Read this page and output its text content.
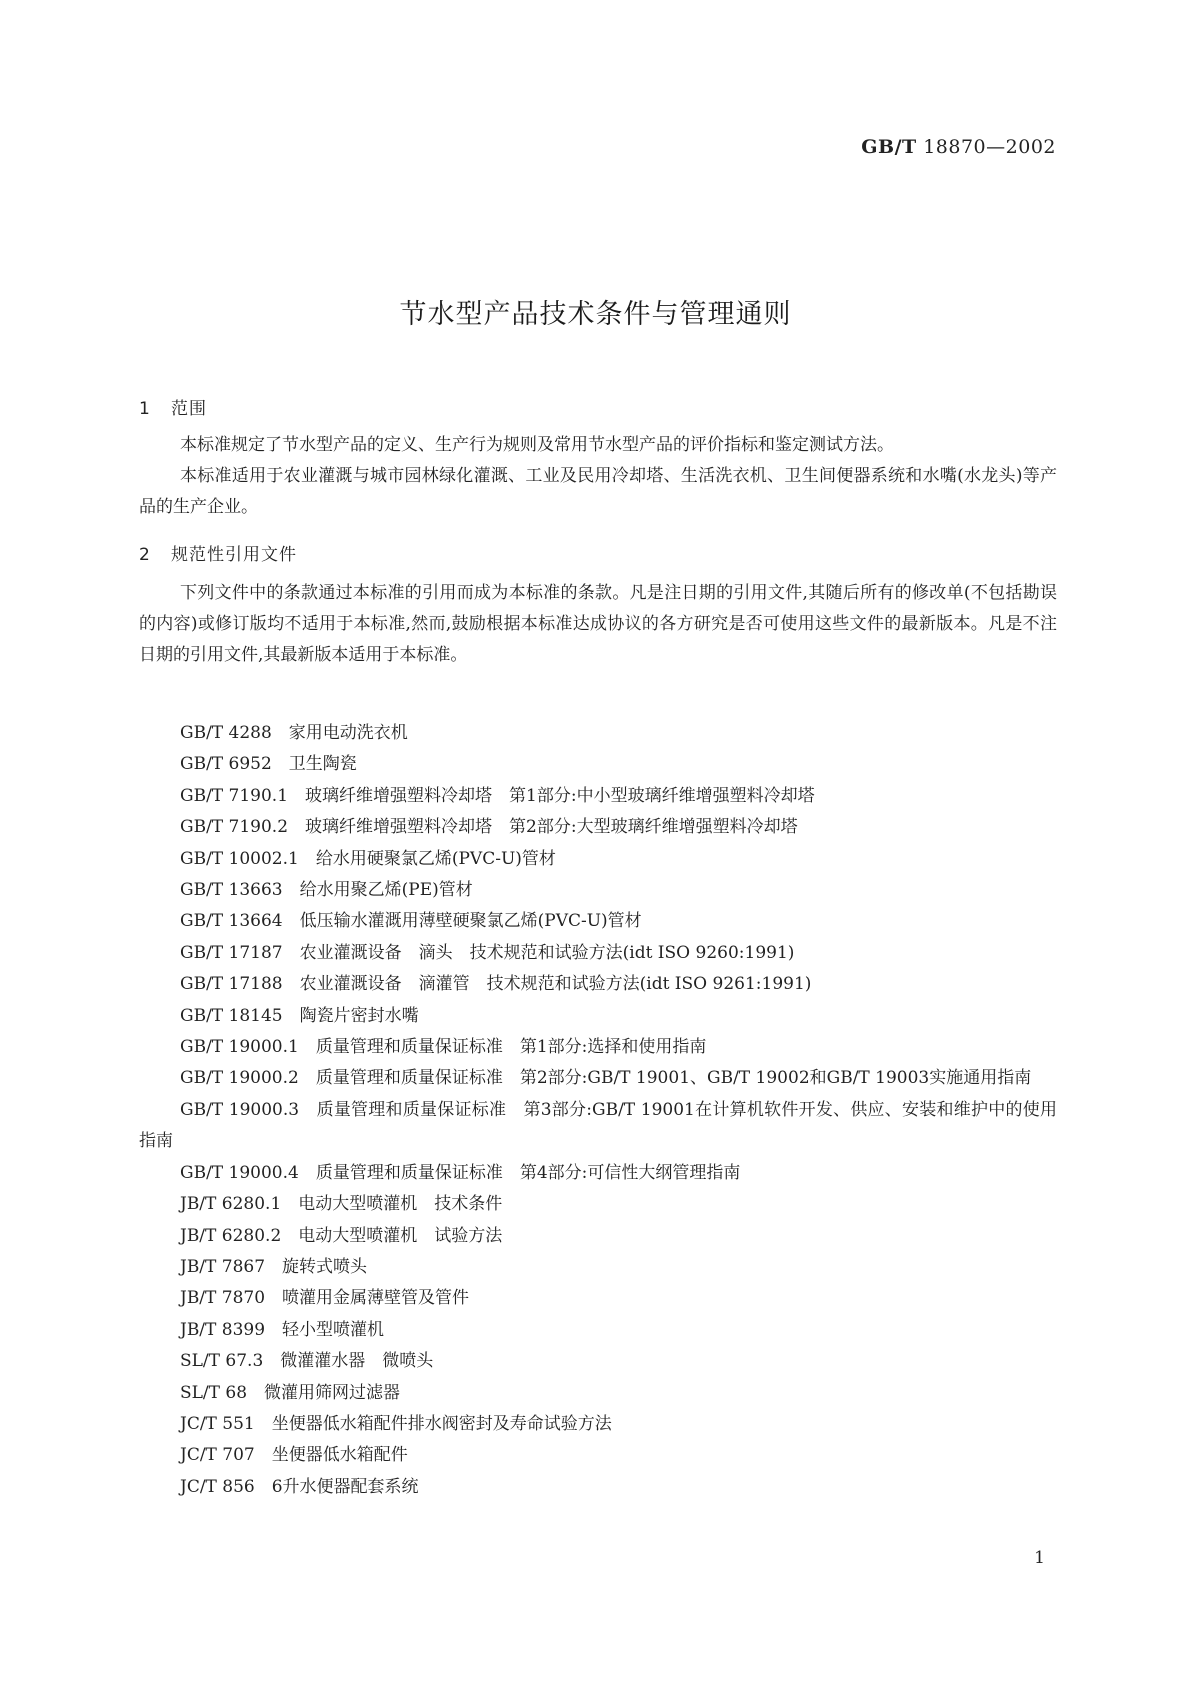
GB/T 18870—2002
节水型产品技术条件与管理通则
1 范围
本标准规定了节水型产品的定义、生产行为规则及常用节水型产品的评价指标和鉴定测试方法。
本标准适用于农业灌溉与城市园林绿化灌溉、工业及民用冷却塔、生活洗衣机、卫生间便器系统和水嘴(水龙头)等产品的生产企业。
2 规范性引用文件
下列文件中的条款通过本标准的引用而成为本标准的条款。凡是注日期的引用文件,其随后所有的修改单(不包括勘误的内容)或修订版均不适用于本标准,然而,鼓励根据本标准达成协议的各方研究是否可使用这些文件的最新版本。凡是不注日期的引用文件,其最新版本适用于本标准。
GB/T 4288　家用电动洗衣机
GB/T 6952　卫生陶瓷
GB/T 7190.1　玻璃纤维增强塑料冷却塔　第1部分:中小型玻璃纤维增强塑料冷却塔
GB/T 7190.2　玻璃纤维增强塑料冷却塔　第2部分:大型玻璃纤维增强塑料冷却塔
GB/T 10002.1　给水用硬聚氯乙烯(PVC-U)管材
GB/T 13663　给水用聚乙烯(PE)管材
GB/T 13664　低压输水灌溉用薄壁硬聚氯乙烯(PVC-U)管材
GB/T 17187　农业灌溉设备　滴头　技术规范和试验方法(idt ISO 9260:1991)
GB/T 17188　农业灌溉设备　滴灌管　技术规范和试验方法(idt ISO 9261:1991)
GB/T 18145　陶瓷片密封水嘴
GB/T 19000.1　质量管理和质量保证标准　第1部分:选择和使用指南
GB/T 19000.2　质量管理和质量保证标准　第2部分:GB/T 19001、GB/T 19002和GB/T 19003实施通用指南
GB/T 19000.3　质量管理和质量保证标准　第3部分:GB/T 19001在计算机软件开发、供应、安装和维护中的使用指南
GB/T 19000.4　质量管理和质量保证标准　第4部分:可信性大纲管理指南
JB/T 6280.1　电动大型喷灌机　技术条件
JB/T 6280.2　电动大型喷灌机　试验方法
JB/T 7867　旋转式喷头
JB/T 7870　喷灌用金属薄壁管及管件
JB/T 8399　轻小型喷灌机
SL/T 67.3　微灌灌水器　微喷头
SL/T 68　微灌用筛网过滤器
JC/T 551　坐便器低水箱配件排水阀密封及寿命试验方法
JC/T 707　坐便器低水箱配件
JC/T 856　6升水便器配套系统
1
